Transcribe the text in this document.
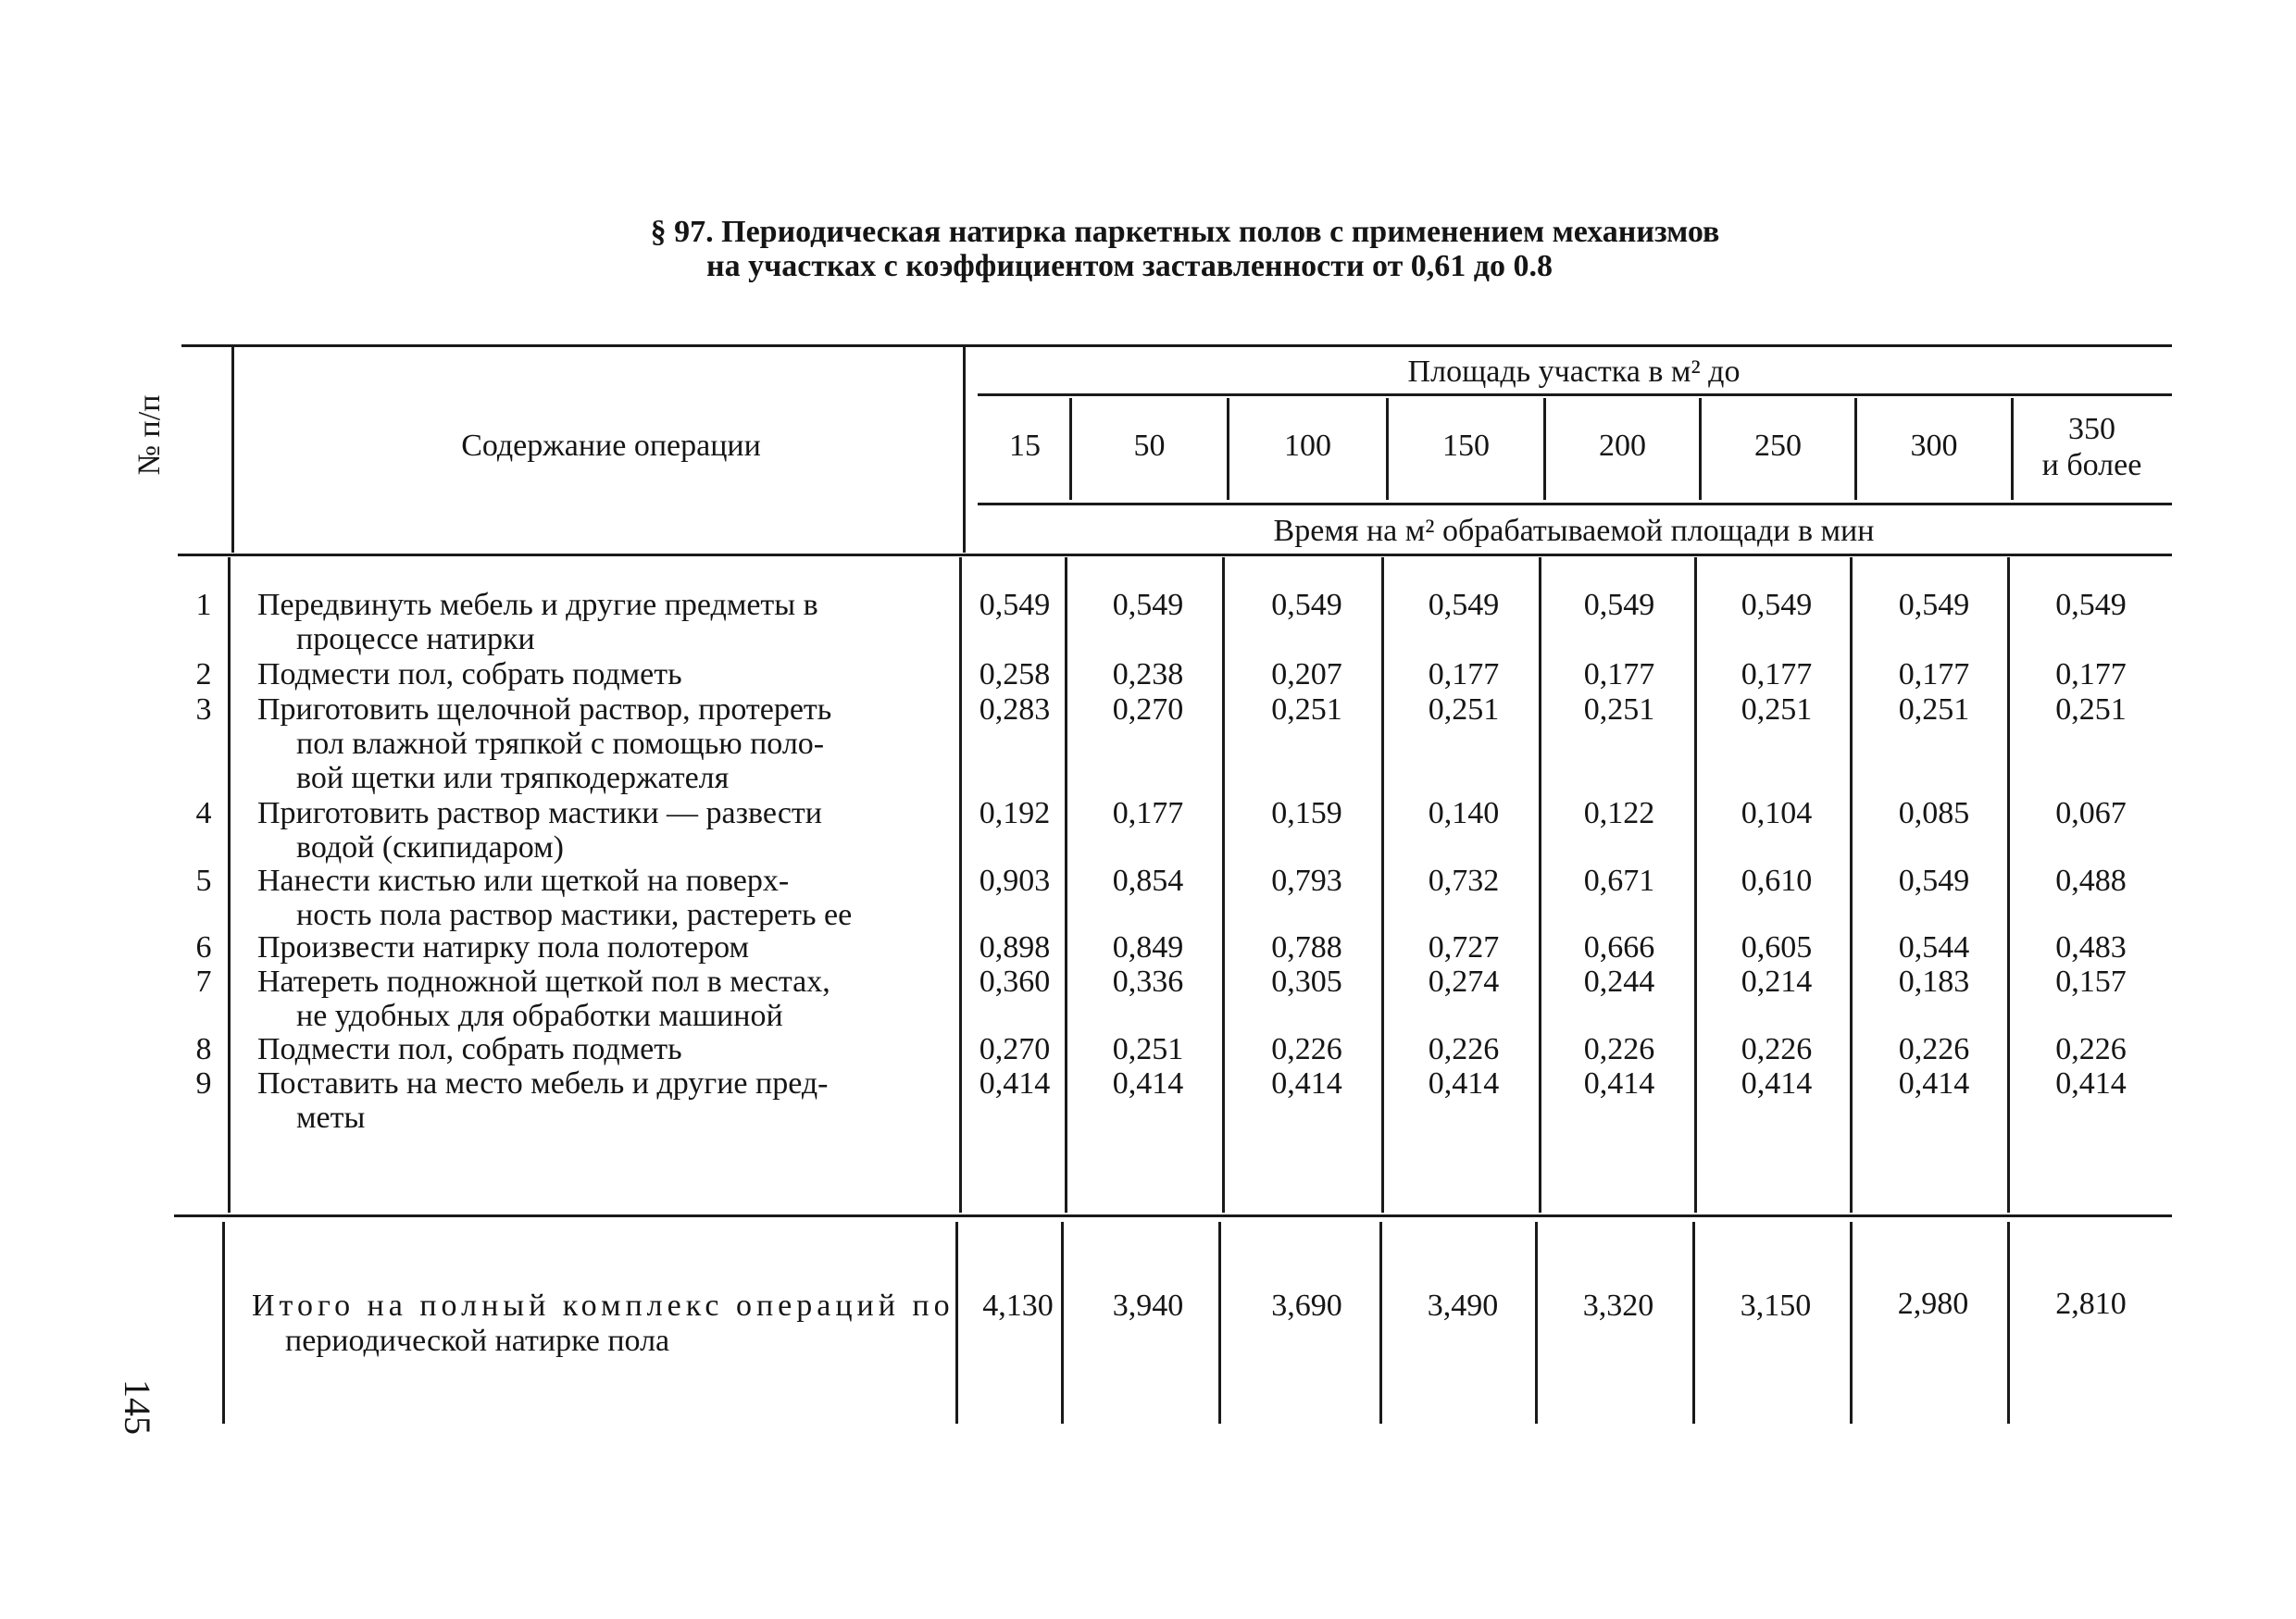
§ 97. Периодическая натирка паркетных полов с применением механизмов
на участках с коэффициентом заставленности от 0,61 до 0.8
№ п/п	Содержание операции
Площадь участка в м² до
15	50	100	150	200	250	300	350
и более
Время на м² обрабатываемой площади в мин
1	Передвинуть мебель и другие предметы в
процессе натирки
0,549	0,549	0,549	0,549	0,549	0,549	0,549	0,549
2	Подмести пол, собрать подметь	0,258	0,238	0,207	0,177	0,177	0,177	0,177	0,177
3	Приготовить щелочной раствор, протереть
пол влажной тряпкой с помощью поло-
вой щетки или тряпкодержателя
0,283	0,270	0,251	0,251	0,251	0,251	0,251	0,251
4	Приготовить раствор мастики — развести
водой (скипидаром)
0,192	0,177	0,159	0,140	0,122	0,104	0,085	0,067
5	Нанести кистью или щеткой на поверх-
ность пола раствор мастики, растереть ее
0,903	0,854	0,793	0,732	0,671	0,610	0,549	0,488
6	Произвести натирку пола полотером	0,898	0,849	0,788	0,727	0,666	0,605	0,544	0,483
7	Натереть подножной щеткой пол в местах,
не удобных для обработки машиной
0,360	0,336	0,305	0,274	0,244	0,214	0,183	0,157
8	Подмести пол, собрать подметь	0,270	0,251	0,226	0,226	0,226	0,226	0,226	0,226
9	Поставить на место мебель и другие пред-
меты
0,414	0,414	0,414	0,414	0,414	0,414	0,414	0,414
Итого на полный комплекс операций по
периодической натирке пола
4,130	3,940	3,690	3,490	3,320	3,150	2,980	2,810
145
